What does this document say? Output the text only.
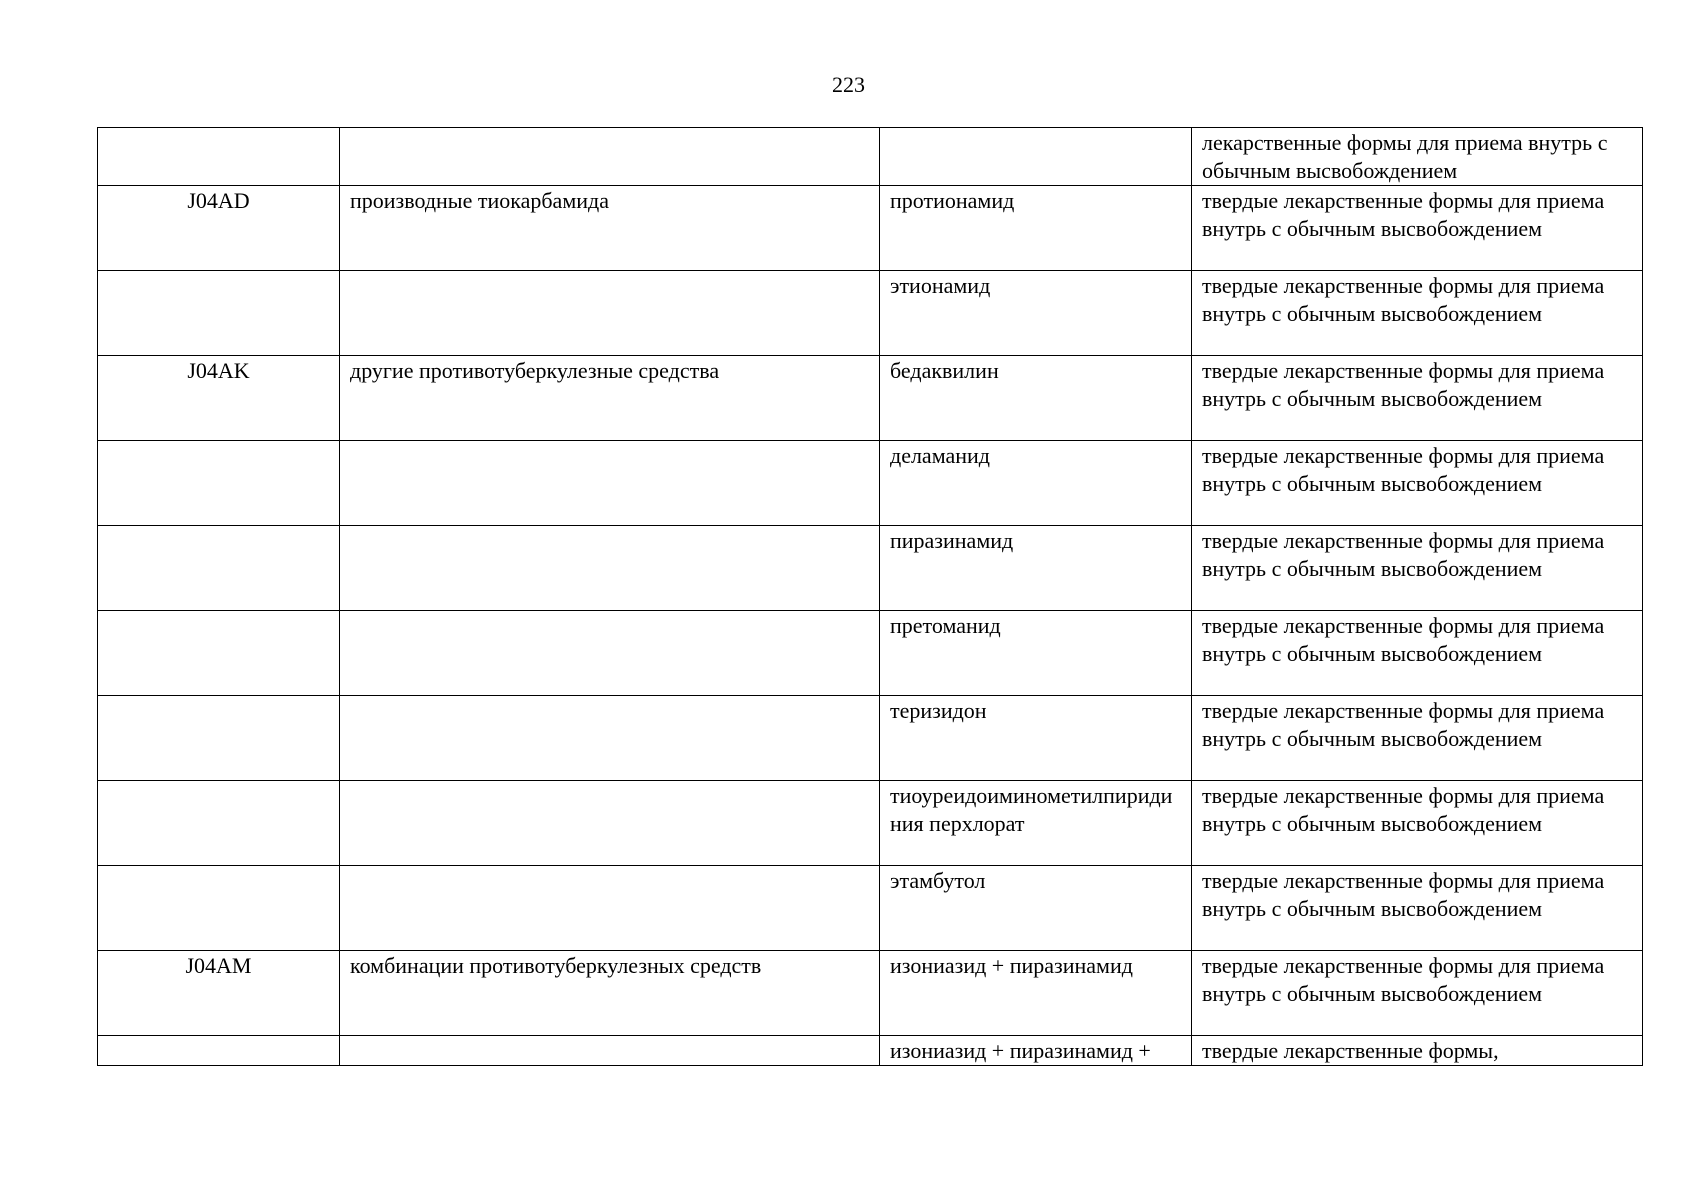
223
			лекарственные формы для приема внутрь с обычным высвобождением
J04AD	производные тиокарбамида	протионамид	твердые лекарственные формы для приема внутрь с обычным высвобождением
		этионамид	твердые лекарственные формы для приема внутрь с обычным высвобождением
J04AK	другие противотуберкулезные средства	бедаквилин	твердые лекарственные формы для приема внутрь с обычным высвобождением
		деламанид	твердые лекарственные формы для приема внутрь с обычным высвобождением
		пиразинамид	твердые лекарственные формы для приема внутрь с обычным высвобождением
		претоманид	твердые лекарственные формы для приема внутрь с обычным высвобождением
		теризидон	твердые лекарственные формы для приема внутрь с обычным высвобождением
		тиоуреидоиминометилпиридиния перхлорат	твердые лекарственные формы для приема внутрь с обычным высвобождением
		этамбутол	твердые лекарственные формы для приема внутрь с обычным высвобождением
J04AM	комбинации противотуберкулезных средств	изониазид + пиразинамид	твердые лекарственные формы для приема внутрь с обычным высвобождением
		изониазид + пиразинамид +	твердые лекарственные формы,
